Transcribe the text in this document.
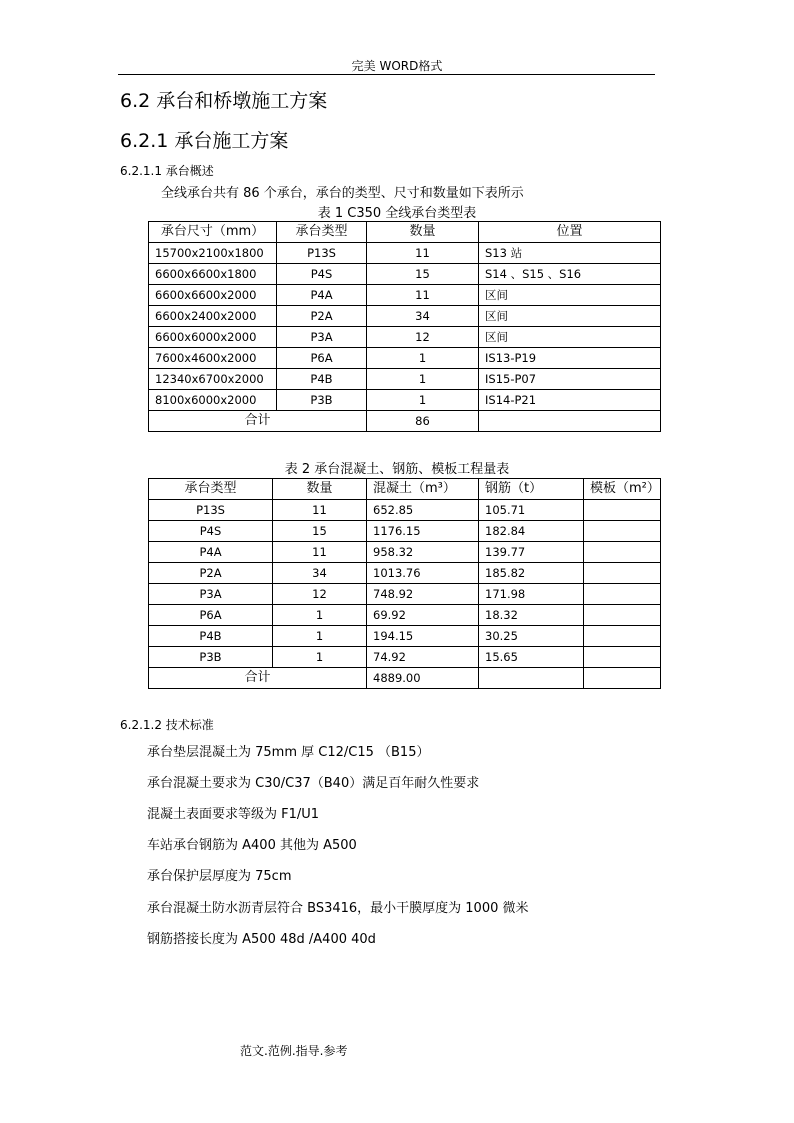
完美 WORD格式
6.2 承台和桥墩施工方案
6.2.1 承台施工方案
6.2.1.1 承台概述
全线承台共有 86 个承台，承台的类型、尺寸和数量如下表所示
表 1 C350 全线承台类型表
承台尺寸（mm）	承台类型	数量	位置
15700x2100x1800	P13S	11	S13 站
6600x6600x1800	P4S	15	S14 、S15 、S16
6600x6600x2000	P4A	11	区间
6600x2400x2000	P2A	34	区间
6600x6000x2000	P3A	12	区间
7600x4600x2000	P6A	1	IS13-P19
12340x6700x2000	P4B	1	IS15-P07
8100x6000x2000	P3B	1	IS14-P21
合计		86	
表 2 承台混凝土、钢筋、模板工程量表
承台类型	数量	混凝土（m³）	钢筋（t）	模板（m²）
P13S	11	652.85	105.71	
P4S	15	1176.15	182.84	
P4A	11	958.32	139.77	
P2A	34	1013.76	185.82	
P3A	12	748.92	171.98	
P6A	1	69.92	18.32	
P4B	1	194.15	30.25	
P3B	1	74.92	15.65	
合计		4889.00		
6.2.1.2 技术标准
承台垫层混凝土为 75mm 厚 C12/C15 （B15）
承台混凝土要求为 C30/C37（B40）满足百年耐久性要求
混凝土表面要求等级为 F1/U1
车站承台钢筋为 A400 其他为 A500
承台保护层厚度为 75cm
承台混凝土防水沥青层符合 BS3416，最小干膜厚度为 1000 微米
钢筋搭接长度为 A500 48d /A400 40d
范文.范例.指导.参考
